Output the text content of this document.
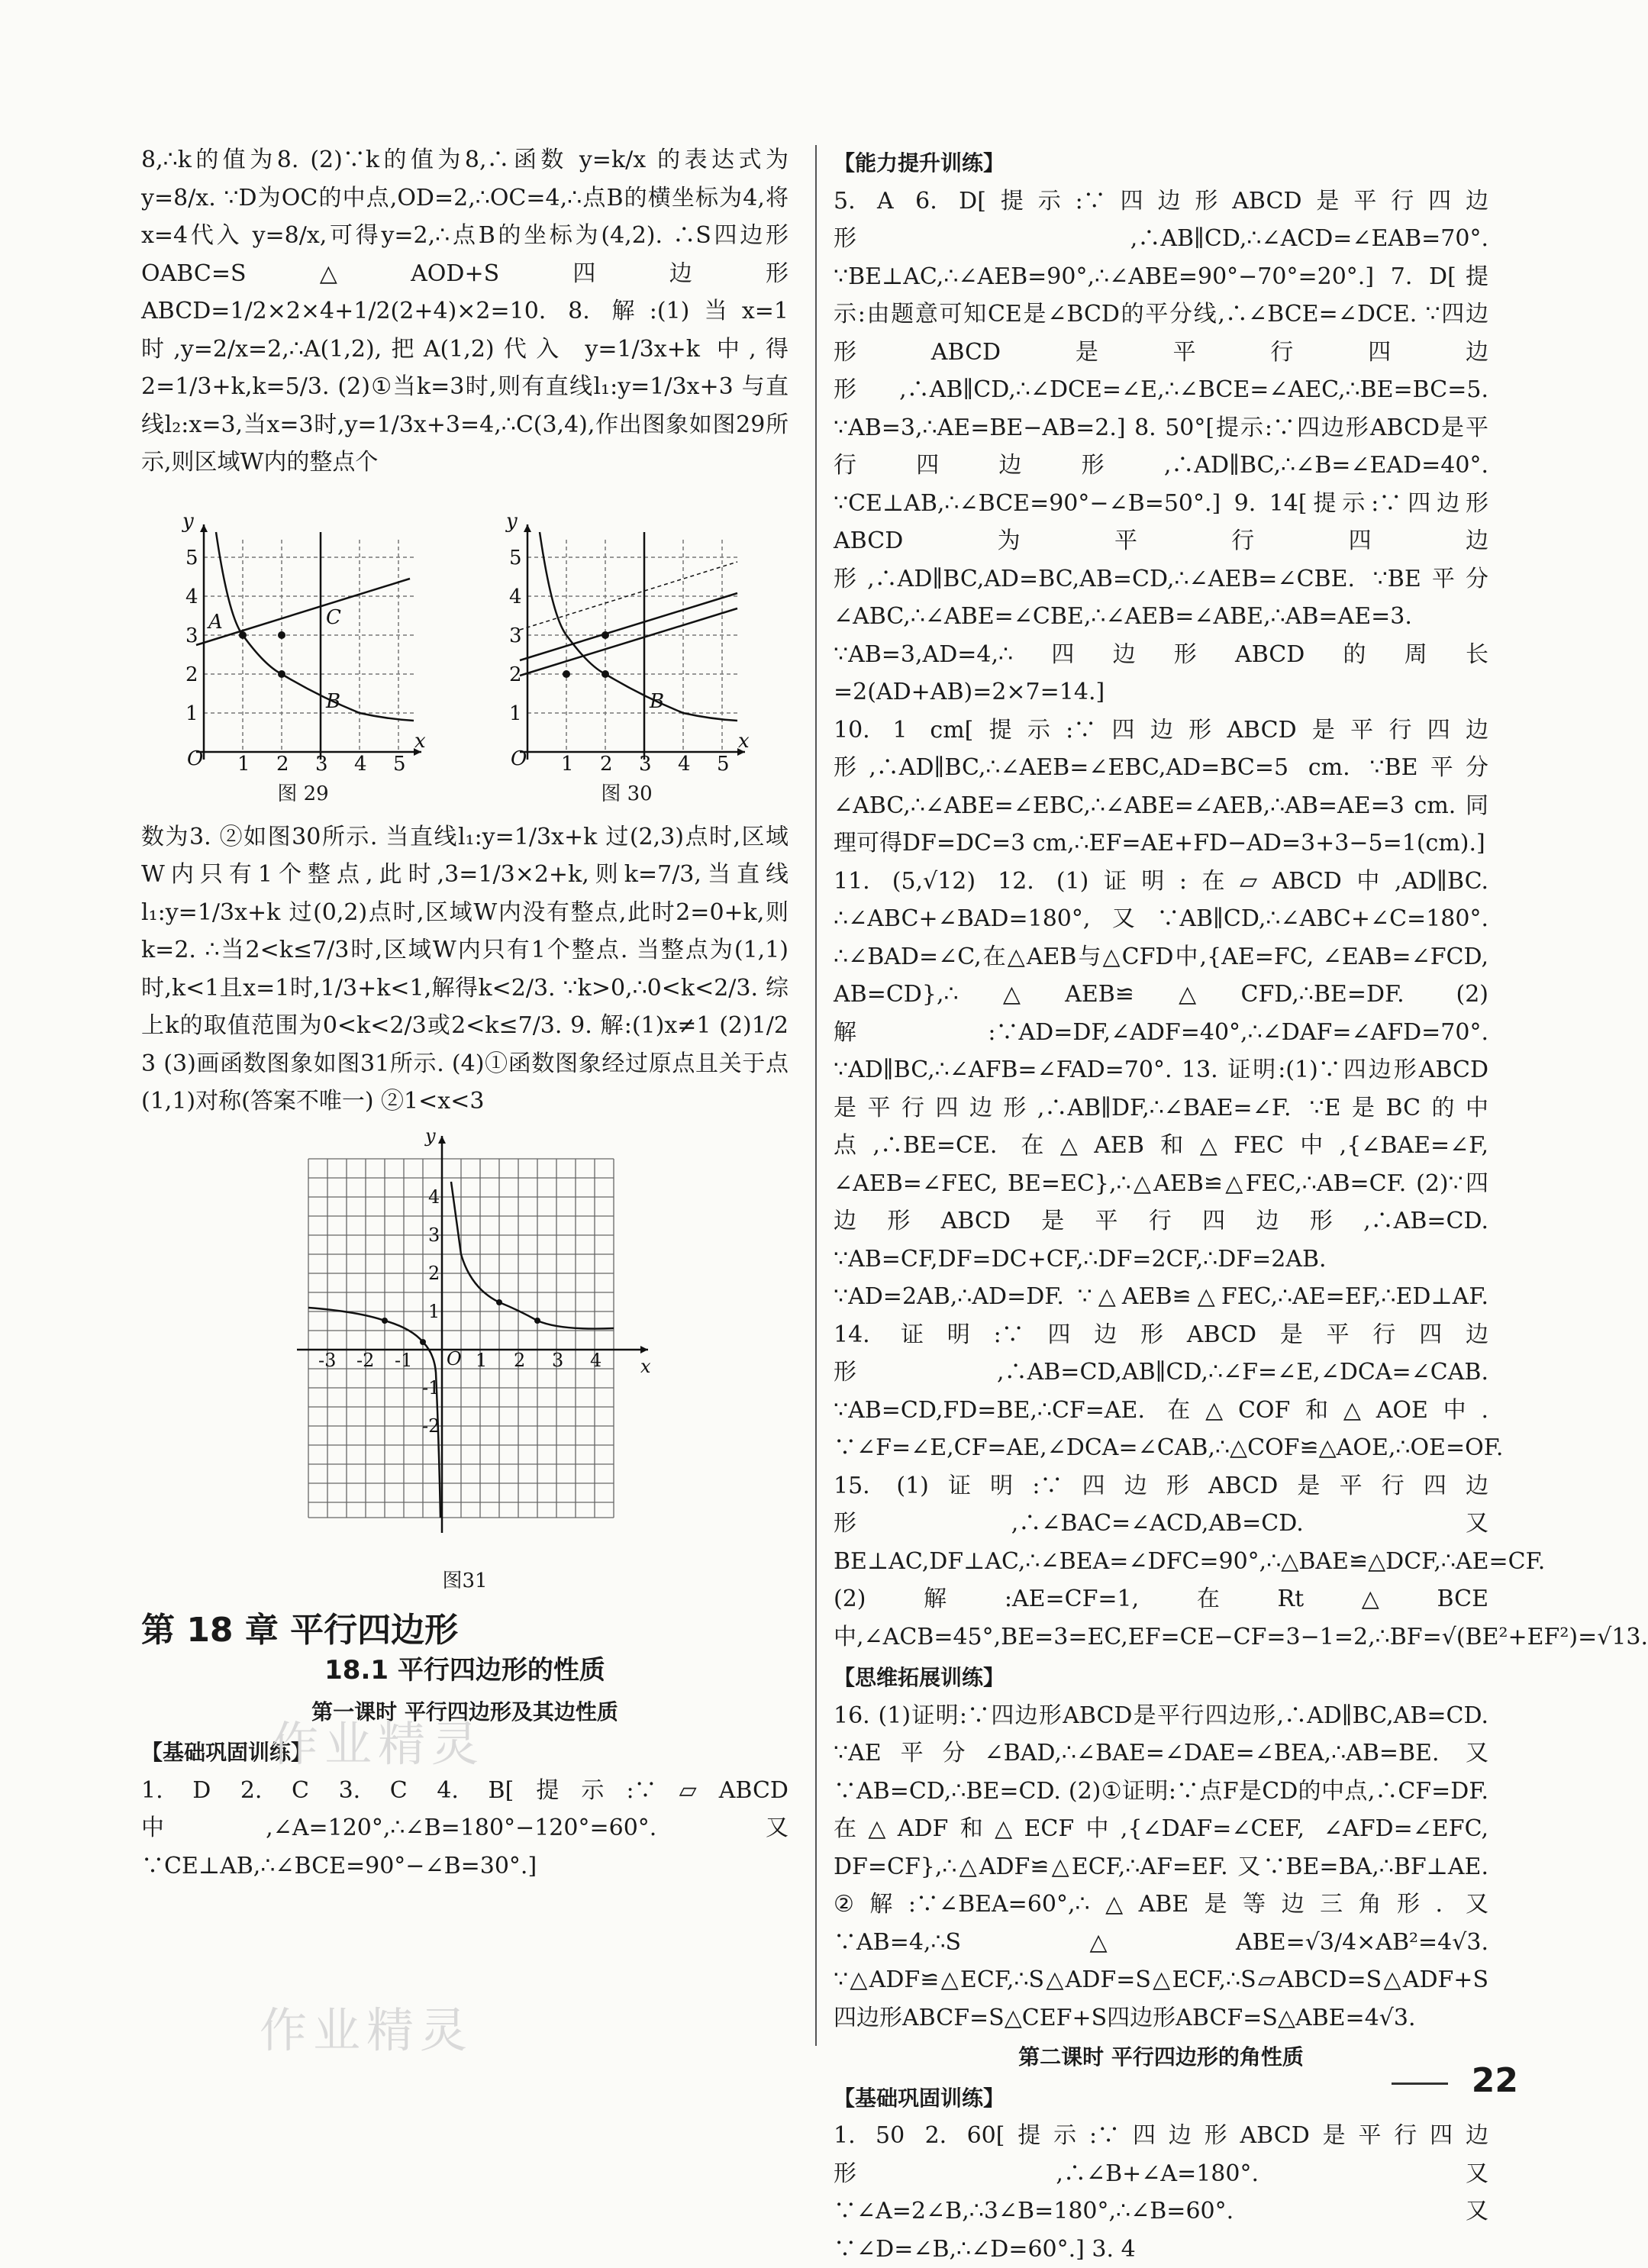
8,∴k的值为8. (2)∵k的值为8,∴函数 y=k/x 的表达式为 y=8/x. ∵D为OC的中点,OD=2,∴OC=4,∴点B的横坐标为4,将x=4代入 y=8/x,可得y=2,∴点B的坐标为(4,2). ∴S四边形OABC=S△AOD+S四边形ABCD=1/2×2×4+1/2(2+4)×2=10. 8. 解:(1)当x=1时,y=2/x=2,∴A(1,2),把A(1,2)代入 y=1/3x+k 中,得 2=1/3+k,k=5/3. (2)①当k=3时,则有直线l₁:y=1/3x+3 与直线l₂:x=3,当x=3时,y=1/3x+3=4,∴C(3,4),作出图象如图29所示,则区域W内的整点个

y
x
O 1 2 3 4 5
1
2
3
4
5
A	C
B
图 29
y
x
O 1 2 3 4 5
1
2
3
4
5
B
图 30

数为3. ②如图30所示. 当直线l₁:y=1/3x+k 过(2,3)点时,区域W内只有1个整点,此时,3=1/3×2+k,则k=7/3,当直线l₁:y=1/3x+k 过(0,2)点时,区域W内没有整点,此时2=0+k,则k=2. ∴当2<k≤7/3时,区域W内只有1个整点. 当整点为(1,1)时,k<1且x=1时,1/3+k<1,解得k<2/3. ∵k>0,∴0<k<2/3. 综上k的取值范围为0<k<2/3或2<k≤7/3. 9. 解:(1)x≠1 (2)1/2 3 (3)画函数图象如图31所示. (4)①函数图象经过原点且关于点(1,1)对称(答案不唯一) ②1<x<3

y
x
O
-3 -2 -1	1 2 3 4
4
3
2
1
-1
-2
图31
第 18 章 平行四边形
18.1 平行四边形的性质
第一课时 平行四边形及其边性质
【基础巩固训练】

1. D 2. C 3. C 4. B[提示:∵▱ABCD中,∠A=120°,∴∠B=180°−120°=60°. 又∵CE⊥AB,∴∠BCE=90°−∠B=30°.]

【能力提升训练】

5. A 6. D[提示:∵四边形ABCD是平行四边形,∴AB∥CD,∴∠ACD=∠EAB=70°. ∵BE⊥AC,∴∠AEB=90°,∴∠ABE=90°−70°=20°.] 7. D[提示:由题意可知CE是∠BCD的平分线,∴∠BCE=∠DCE. ∵四边形ABCD是平行四边形,∴AB∥CD,∴∠DCE=∠E,∴∠BCE=∠AEC,∴BE=BC=5. ∵AB=3,∴AE=BE−AB=2.] 8. 50°[提示:∵四边形ABCD是平行四边形,∴AD∥BC,∴∠B=∠EAD=40°. ∵CE⊥AB,∴∠BCE=90°−∠B=50°.] 9. 14[提示:∵四边形ABCD为平行四边形,∴AD∥BC,AD=BC,AB=CD,∴∠AEB=∠CBE. ∵BE平分∠ABC,∴∠ABE=∠CBE,∴∠AEB=∠ABE,∴AB=AE=3. ∵AB=3,AD=4,∴四边形ABCD的周长=2(AD+AB)=2×7=14.]

10. 1 cm[提示:∵四边形ABCD是平行四边形,∴AD∥BC,∴∠AEB=∠EBC,AD=BC=5 cm. ∵BE平分∠ABC,∴∠ABE=∠EBC,∴∠ABE=∠AEB,∴AB=AE=3 cm. 同理可得DF=DC=3 cm,∴EF=AE+FD−AD=3+3−5=1(cm).]

11. (5,√12) 12. (1)证明:在▱ABCD中,AD∥BC. ∴∠ABC+∠BAD=180°,又∵AB∥CD,∴∠ABC+∠C=180°. ∴∠BAD=∠C,在△AEB与△CFD中,{AE=FC, ∠EAB=∠FCD, AB=CD},∴△AEB≌△CFD,∴BE=DF. (2)解:∵AD=DF,∠ADF=40°,∴∠DAF=∠AFD=70°. ∵AD∥BC,∴∠AFB=∠FAD=70°. 13. 证明:(1)∵四边形ABCD是平行四边形,∴AB∥DF,∴∠BAE=∠F. ∵E是BC的中点,∴BE=CE. 在△AEB和△FEC中,{∠BAE=∠F, ∠AEB=∠FEC, BE=EC},∴△AEB≌△FEC,∴AB=CF. (2)∵四边形ABCD是平行四边形,∴AB=CD. ∵AB=CF,DF=DC+CF,∴DF=2CF,∴DF=2AB. ∵AD=2AB,∴AD=DF. ∵△AEB≌△FEC,∴AE=EF,∴ED⊥AF. 14. 证明:∵四边形ABCD是平行四边形,∴AB=CD,AB∥CD,∴∠F=∠E,∠DCA=∠CAB. ∵AB=CD,FD=BE,∴CF=AE. 在△COF和△AOE中. ∵∠F=∠E,CF=AE,∠DCA=∠CAB,∴△COF≌△AOE,∴OE=OF. 15. (1)证明:∵四边形ABCD是平行四边形,∴∠BAC=∠ACD,AB=CD. 又BE⊥AC,DF⊥AC,∴∠BEA=∠DFC=90°,∴△BAE≌△DCF,∴AE=CF. (2)解:AE=CF=1,在Rt△BCE中,∠ACB=45°,BE=3=EC,EF=CE−CF=3−1=2,∴BF=√(BE²+EF²)=√13.

【思维拓展训练】

16. (1)证明:∵四边形ABCD是平行四边形,∴AD∥BC,AB=CD. ∵AE平分∠BAD,∴∠BAE=∠DAE=∠BEA,∴AB=BE. 又∵AB=CD,∴BE=CD. (2)①证明:∵点F是CD的中点,∴CF=DF. 在△ADF和△ECF中,{∠DAF=∠CEF, ∠AFD=∠EFC, DF=CF},∴△ADF≌△ECF,∴AF=EF. 又∵BE=BA,∴BF⊥AE. ②解:∵∠BEA=60°,∴△ABE是等边三角形. 又∵AB=4,∴S△ABE=√3/4×AB²=4√3. ∵△ADF≌△ECF,∴S△ADF=S△ECF,∴S▱ABCD=S△ADF+S四边形ABCF=S△CEF+S四边形ABCF=S△ABE=4√3.

第二课时 平行四边形的角性质
【基础巩固训练】

1. 50 2. 60[提示:∵四边形ABCD是平行四边形,∴∠B+∠A=180°. 又∵∠A=2∠B,∴3∠B=180°,∴∠B=60°. 又∵∠D=∠B,∴∠D=60°.] 3. 4

作业精灵
作业精灵
22
